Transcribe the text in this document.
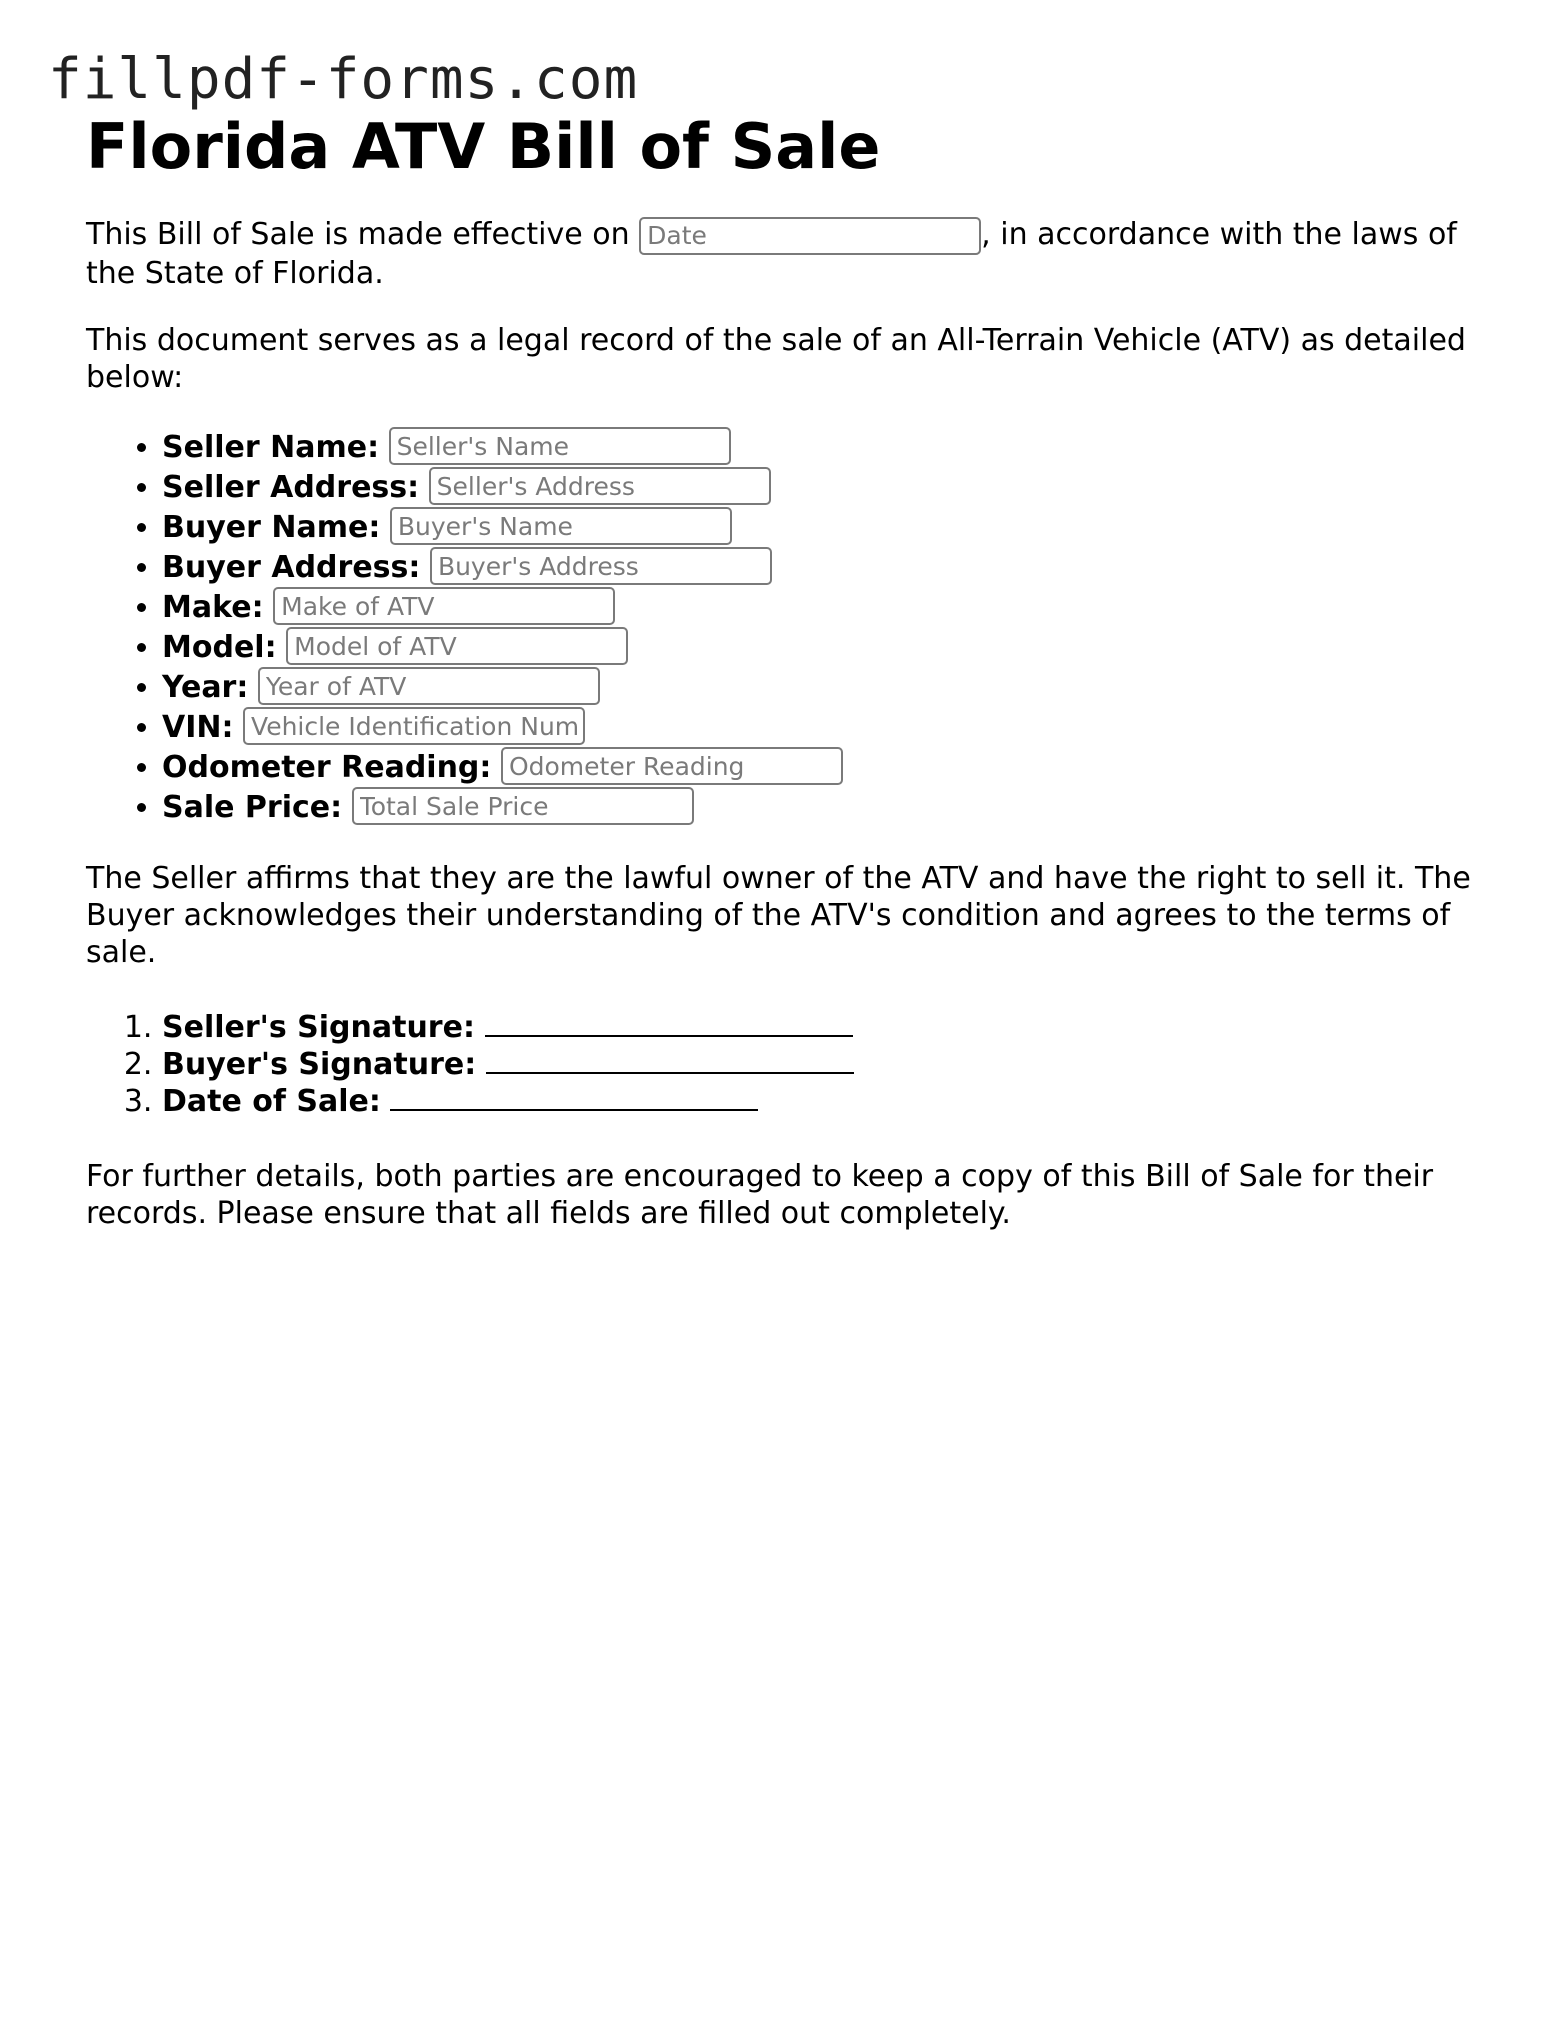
fillpdf-forms.com
Florida ATV Bill of Sale

This Bill of Sale is made effective on Date	, in accordance with the laws of the State of Florida.

This document serves as a legal record of the sale of an All-Terrain Vehicle (ATV) as detailed below:

• Seller Name: Seller's Name
• Seller Address: Seller's Address
• Buyer Name: Buyer's Name
• Buyer Address: Buyer's Address
• Make: Make of ATV
• Model: Model of ATV
• Year: Year of ATV
• VIN: Vehicle Identification Num
• Odometer Reading: Odometer Reading
• Sale Price: Total Sale Price

The Seller affirms that they are the lawful owner of the ATV and have the right to sell it. The Buyer acknowledges their understanding of the ATV's condition and agrees to the terms of sale.

1. Seller's Signature:
2. Buyer's Signature:
3. Date of Sale:

For further details, both parties are encouraged to keep a copy of this Bill of Sale for their records. Please ensure that all fields are filled out completely.
